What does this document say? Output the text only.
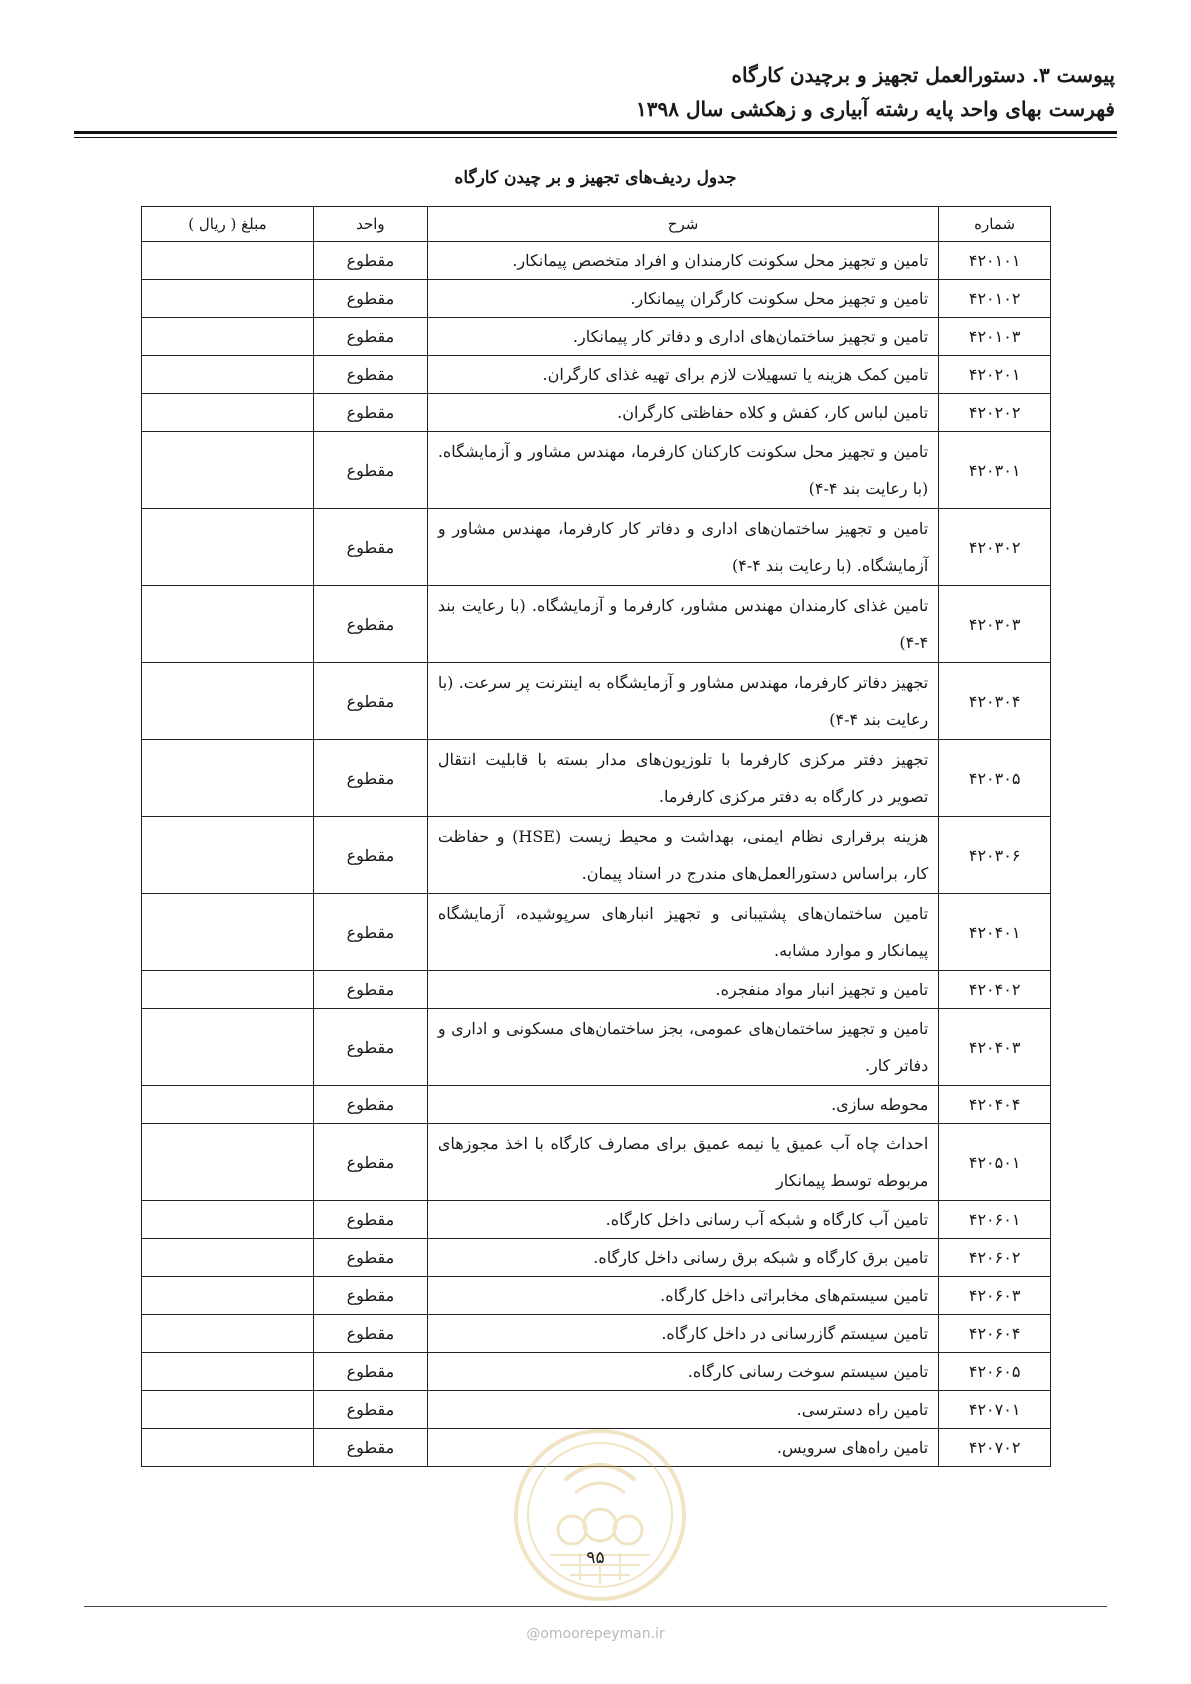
پیوست ۳. دستورالعمل تجهیز و برچیدن کارگاه
فهرست بهای واحد پایه رشته آبیاری و زهکشی سال ۱۳۹۸
جدول ردیف‌های تجهیز و بر چیدن کارگاه
شماره	شرح	واحد	مبلغ ( ریال )
۴۲۰۱۰۱	تامین و تجهیز محل سکونت کارمندان و افراد متخصص پیمانکار.	مقطوع	
۴۲۰۱۰۲	تامین و تجهیز محل سکونت کارگران پیمانکار.	مقطوع	
۴۲۰۱۰۳	تامین و تجهیز ساختمان‌های اداری و دفاتر کار پیمانکار.	مقطوع	
۴۲۰۲۰۱	تامین کمک هزینه یا تسهیلات لازم برای تهیه غذای کارگران.	مقطوع	
۴۲۰۲۰۲	تامین لباس کار، کفش و کلاه حفاظتی کارگران.	مقطوع	
۴۲۰۳۰۱	تامین و تجهیز محل سکونت کارکنان کارفرما، مهندس مشاور و آزمایشگاه. (با رعایت بند ۴-۴)	مقطوع	
۴۲۰۳۰۲	تامین و تجهیز ساختمان‌های اداری و دفاتر کار کارفرما، مهندس مشاور و آزمایشگاه. (با رعایت بند ۴-۴)	مقطوع	
۴۲۰۳۰۳	تامین غذای کارمندان مهندس مشاور، کارفرما و آزمایشگاه. (با رعایت بند ۴-۴)	مقطوع	
۴۲۰۳۰۴	تجهیز دفاتر کارفرما، مهندس مشاور و آزمایشگاه به اینترنت پر سرعت. (با رعایت بند ۴-۴)	مقطوع	
۴۲۰۳۰۵	تجهیز دفتر مرکزی کارفرما با تلوزیون‌های مدار بسته با قابلیت انتقال تصویر در کارگاه به دفتر مرکزی کارفرما.	مقطوع	
۴۲۰۳۰۶	هزینه برقراری نظام ایمنی، بهداشت و محیط زیست (HSE) و حفاظت کار، براساس دستورالعمل‌های مندرج در اسناد پیمان.	مقطوع	
۴۲۰۴۰۱	تامین ساختمان‌های پشتیبانی و تجهیز انبارهای سرپوشیده، آزمایشگاه پیمانکار و موارد مشابه.	مقطوع	
۴۲۰۴۰۲	تامین و تجهیز انبار مواد منفجره.	مقطوع	
۴۲۰۴۰۳	تامین و تجهیز ساختمان‌های عمومی، بجز ساختمان‌های مسکونی و اداری و دفاتر کار.	مقطوع	
۴۲۰۴۰۴	محوطه سازی.	مقطوع	
۴۲۰۵۰۱	احداث چاه آب عمیق یا نیمه عمیق برای مصارف کارگاه با اخذ مجوزهای مربوطه توسط پیمانکار	مقطوع	
۴۲۰۶۰۱	تامین آب کارگاه و شبکه آب رسانی داخل کارگاه.	مقطوع	
۴۲۰۶۰۲	تامین برق کارگاه و شبکه برق رسانی داخل کارگاه.	مقطوع	
۴۲۰۶۰۳	تامین سیستم‌های مخابراتی داخل کارگاه.	مقطوع	
۴۲۰۶۰۴	تامین سیستم گازرسانی در داخل کارگاه.	مقطوع	
۴۲۰۶۰۵	تامین سیستم سوخت رسانی کارگاه.	مقطوع	
۴۲۰۷۰۱	تامین راه دسترسی.	مقطوع	
۴۲۰۷۰۲	تامین راه‌های سرویس.	مقطوع	
۹۵
@omoorepeyman.ir
